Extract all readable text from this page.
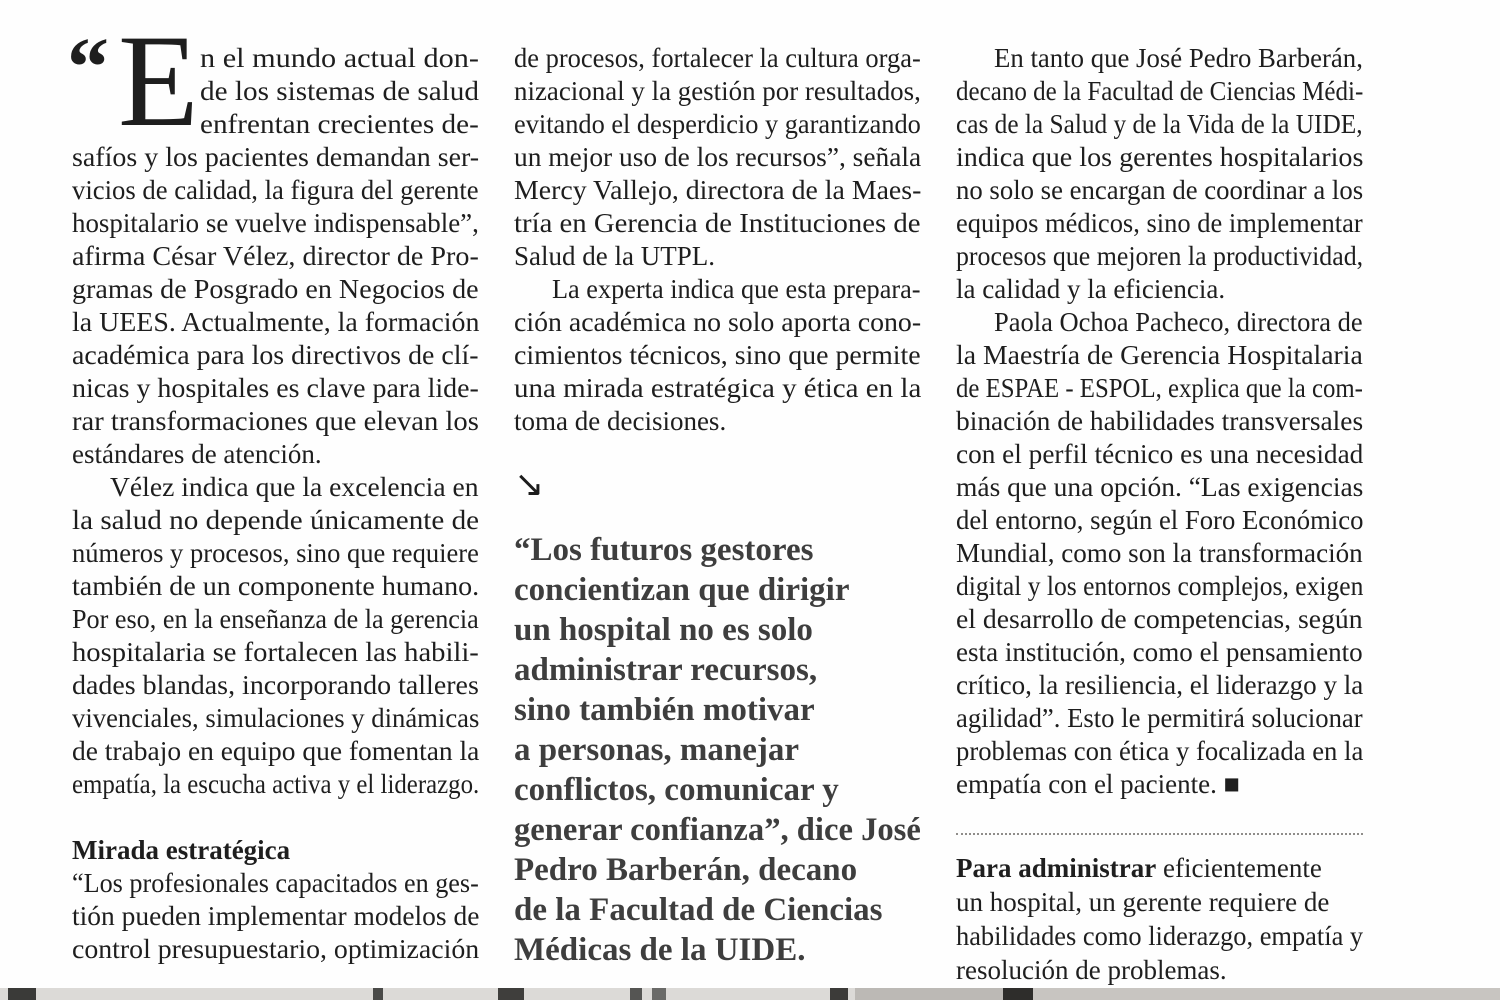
“ E n el mundo actual don-
de los sistemas de salud
enfrentan crecientes de-
safíos y los pacientes demandan ser-
vicios de calidad, la figura del gerente
hospitalario se vuelve indispensable”,
afirma César Vélez, director de Pro-
gramas de Posgrado en Negocios de
la UEES. Actualmente, la formación
académica para los directivos de clí-
nicas y hospitales es clave para lide-
rar transformaciones que elevan los
estándares de atención.
Vélez indica que la excelencia en
la salud no depende únicamente de
números y procesos, sino que requiere
también de un componente humano.
Por eso, en la enseñanza de la gerencia
hospitalaria se fortalecen las habili-
dades blandas, incorporando talleres
vivenciales, simulaciones y dinámicas
de trabajo en equipo que fomentan la
empatía, la escucha activa y el liderazgo.
Mirada estratégica
“Los profesionales capacitados en ges-
tión pueden implementar modelos de
control presupuestario, optimización
de procesos, fortalecer la cultura orga-
nizacional y la gestión por resultados,
evitando el desperdicio y garantizando
un mejor uso de los recursos”, señala
Mercy Vallejo, directora de la Maes-
tría en Gerencia de Instituciones de
Salud de la UTPL.
La experta indica que esta prepara-
ción académica no solo aporta cono-
cimientos técnicos, sino que permite
una mirada estratégica y ética en la
toma de decisiones.
↘
“Los futuros gestores
concientizan que dirigir
un hospital no es solo
administrar recursos,
sino también motivar
a personas, manejar
conflictos, comunicar y
generar confianza”, dice José
Pedro Barberán, decano
de la Facultad de Ciencias
Médicas de la UIDE.
En tanto que José Pedro Barberán,
decano de la Facultad de Ciencias Médi-
cas de la Salud y de la Vida de la UIDE,
indica que los gerentes hospitalarios
no solo se encargan de coordinar a los
equipos médicos, sino de implementar
procesos que mejoren la productividad,
la calidad y la eficiencia.
Paola Ochoa Pacheco, directora de
la Maestría de Gerencia Hospitalaria
de ESPAE - ESPOL, explica que la com-
binación de habilidades transversales
con el perfil técnico es una necesidad
más que una opción. “Las exigencias
del entorno, según el Foro Económico
Mundial, como son la transformación
digital y los entornos complejos, exigen
el desarrollo de competencias, según
esta institución, como el pensamiento
crítico, la resiliencia, el liderazgo y la
agilidad”. Esto le permitirá solucionar
problemas con ética y focalizada en la
empatía con el paciente. ■
Para administrar eficientemente
un hospital, un gerente requiere de
habilidades como liderazgo, empatía y
resolución de problemas.
